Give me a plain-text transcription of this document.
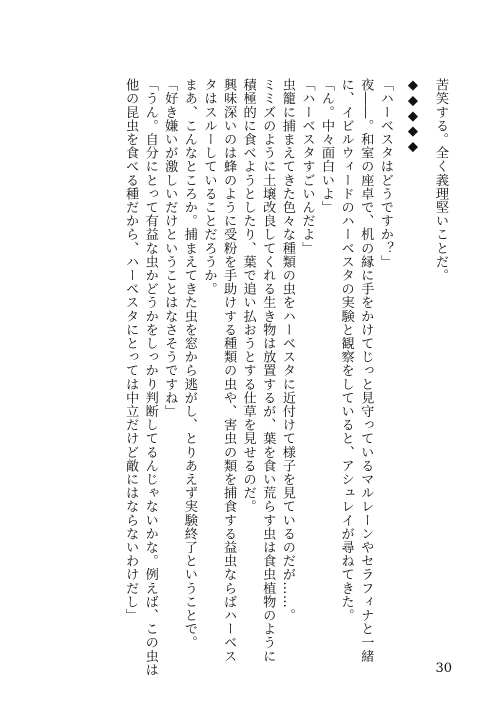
苦笑する。全く義理堅いことだ。
◆◆◆◆◆
「ハーベスタはどうですか？」
夜――。和室の座卓で、机の縁に手をかけてじっと見守っているマルレーンやセラフィナと一緒
に、イビルウィードのハーベスタの実験と観察をしていると、アシュレイが尋ねてきた。
「ん。中々面白いよ」
「ハーベスタすごいんだよ」
虫籠に捕まえてきた色々な種類の虫をハーベスタに近付けて様子を見ているのだが……。
ミミズのように土壌改良してくれる生き物は放置するが、葉を食い荒らす虫は食虫植物のように
積極的に食べようとしたり、葉で追い払おうとする仕草を見せるのだ。
興味深いのは蜂のように受粉を手助けする種類の虫や、害虫の類を捕食する益虫ならばハーベス
タはスルーしていることだろうか。
まあ、こんなところか。捕まえてきた虫を窓から逃がし、とりあえず実験終了ということで。
「好き嫌いが激しいだけということはなさそうですね」
「うん。自分にとって有益な虫かどうかをしっかり判断してるんじゃないかな。例えば、この虫は
他の昆虫を食べる種だから、ハーベスタにとっては中立だけど敵にはならないわけだし」
30
